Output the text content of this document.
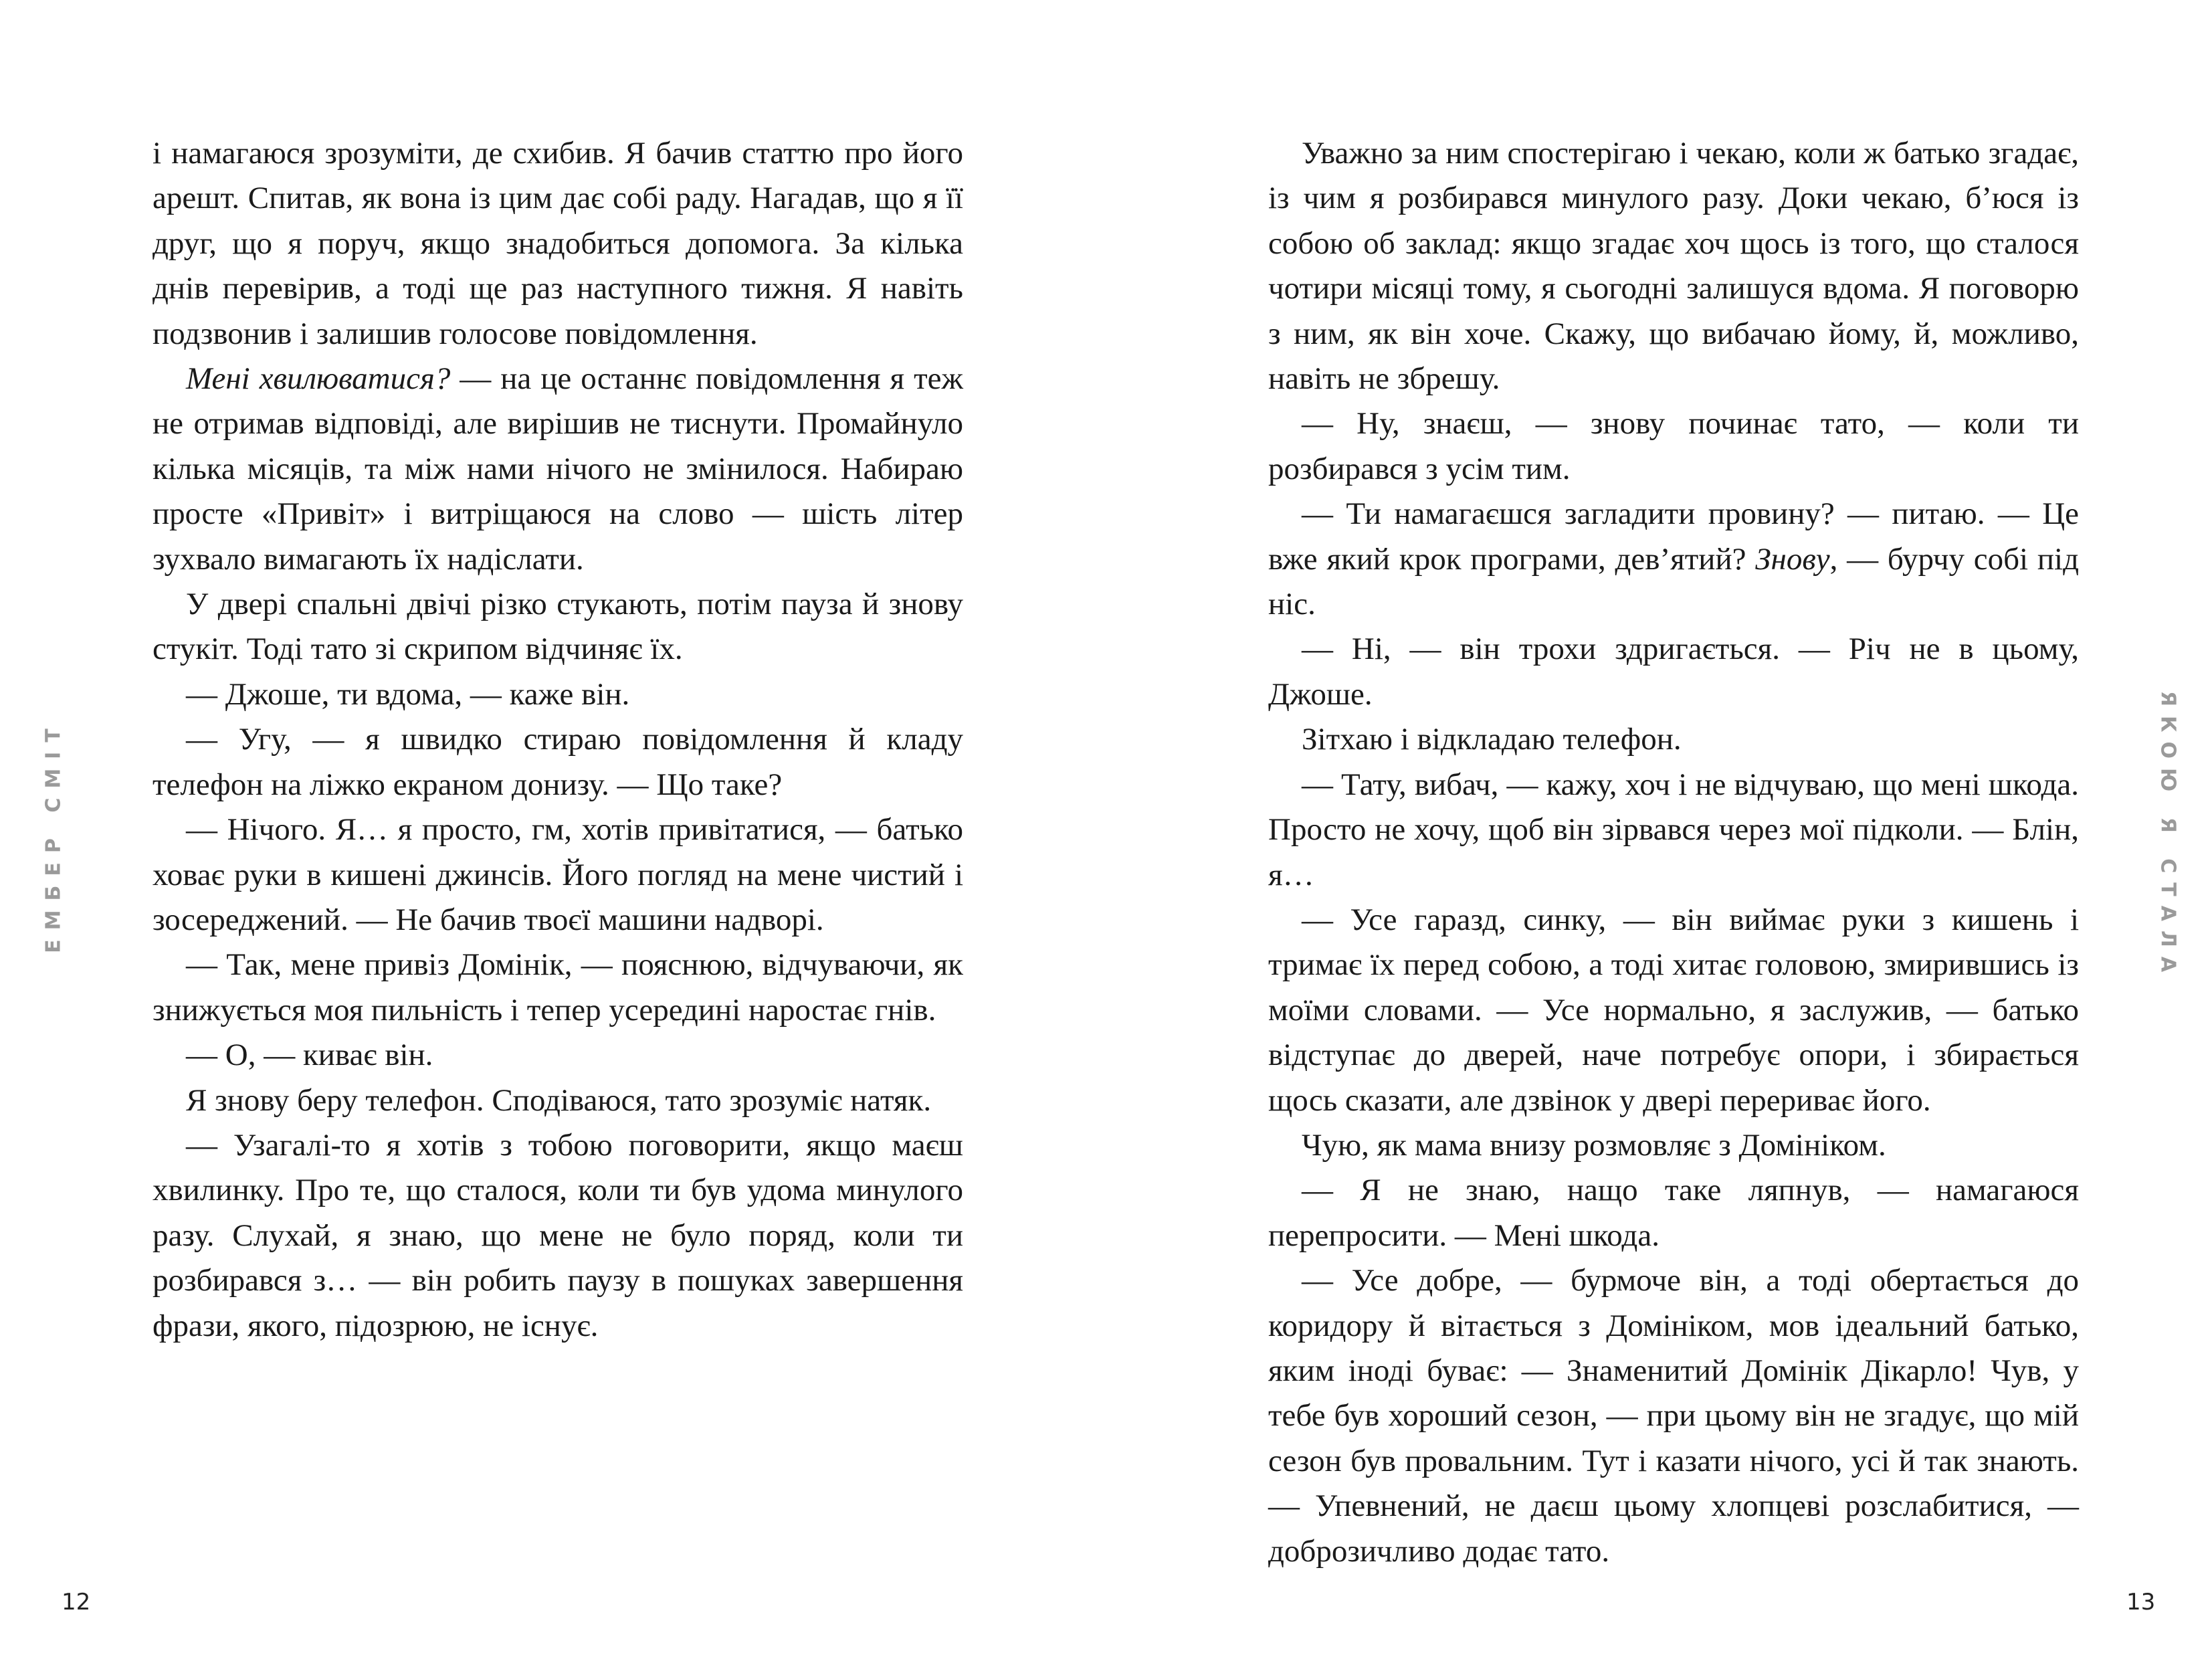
ЕМБЕР СМІТ

і намагаюся зрозуміти, де схибив. Я бачив статтю про його арешт. Спитав, як вона із цим дає собі раду. Нагадав, що я її друг, що я поруч, якщо знадобиться допомога. За кілька днів перевірив, а тоді ще раз наступного тижня. Я навіть подзвонив і залишив голосове повідомлення.

Мені хвилюватися? — на це останнє повідомлення я теж не отримав відповіді, але вирішив не тиснути. Промайнуло кілька місяців, та між нами нічого не змінилося. Набираю просте «Привіт» і витріщаюся на слово — шість літер зухвало вимагають їх надіслати.

У двері спальні двічі різко стукають, потім пауза й знову стукіт. Тоді тато зі скрипом відчиняє їх.

— Джоше, ти вдома, — каже він.

— Угу, — я швидко стираю повідомлення й кладу телефон на ліжко екраном донизу. — Що таке?

— Нічого. Я… я просто, гм, хотів привітатися, — батько ховає руки в кишені джинсів. Його погляд на мене чистий і зосереджений. — Не бачив твоєї машини надворі.

— Так, мене привіз Домінік, — пояснюю, відчуваючи, як знижується моя пильність і тепер усередині наростає гнів.

— О, — киває він.

Я знову беру телефон. Сподіваюся, тато зрозуміє натяк.

— Узагалі-то я хотів з тобою поговорити, якщо маєш хвилинку. Про те, що сталося, коли ти був удома минулого разу. Слухай, я знаю, що мене не було поряд, коли ти розбирався з… — він робить паузу в пошуках завершення фрази, якого, підозрюю, не існує.

12
ЯКОЮ Я СТАЛА

Уважно за ним спостерігаю і чекаю, коли ж батько згадає, із чим я розбирався минулого разу. Доки чекаю, б’юся із собою об заклад: якщо згадає хоч щось із того, що сталося чотири місяці тому, я сьогодні залишуся вдома. Я поговорю з ним, як він хоче. Скажу, що вибачаю йому, й, можливо, навіть не збрешу.

— Ну, знаєш, — знову починає тато, — коли ти розбирався з усім тим.

— Ти намагаєшся загладити провину? — питаю. — Це вже який крок програми, дев’ятий? Знову, — бурчу собі під ніс.

— Ні, — він трохи здригається. — Річ не в цьому, Джоше.

Зітхаю і відкладаю телефон.

— Тату, вибач, — кажу, хоч і не відчуваю, що мені шкода. Просто не хочу, щоб він зірвався через мої підколи. — Блін, я…

— Усе гаразд, синку, — він виймає руки з кишень і тримає їх перед собою, а тоді хитає головою, змирившись із моїми словами. — Усе нормально, я заслужив, — батько відступає до дверей, наче потребує опори, і збирається щось сказати, але дзвінок у двері перериває його.

Чую, як мама внизу розмовляє з Домініком.

— Я не знаю, нащо таке ляпнув, — намагаюся перепросити. — Мені шкода.

— Усе добре, — бурмоче він, а тоді обертається до коридору й вітається з Домініком, мов ідеальний батько, яким іноді буває: — Знаменитий Домінік Дікарло! Чув, у тебе був хороший сезон, — при цьому він не згадує, що мій сезон був провальним. Тут і казати нічого, усі й так знають. — Упевнений, не даєш цьому хлопцеві розслабитися, — доброзичливо додає тато.

13
